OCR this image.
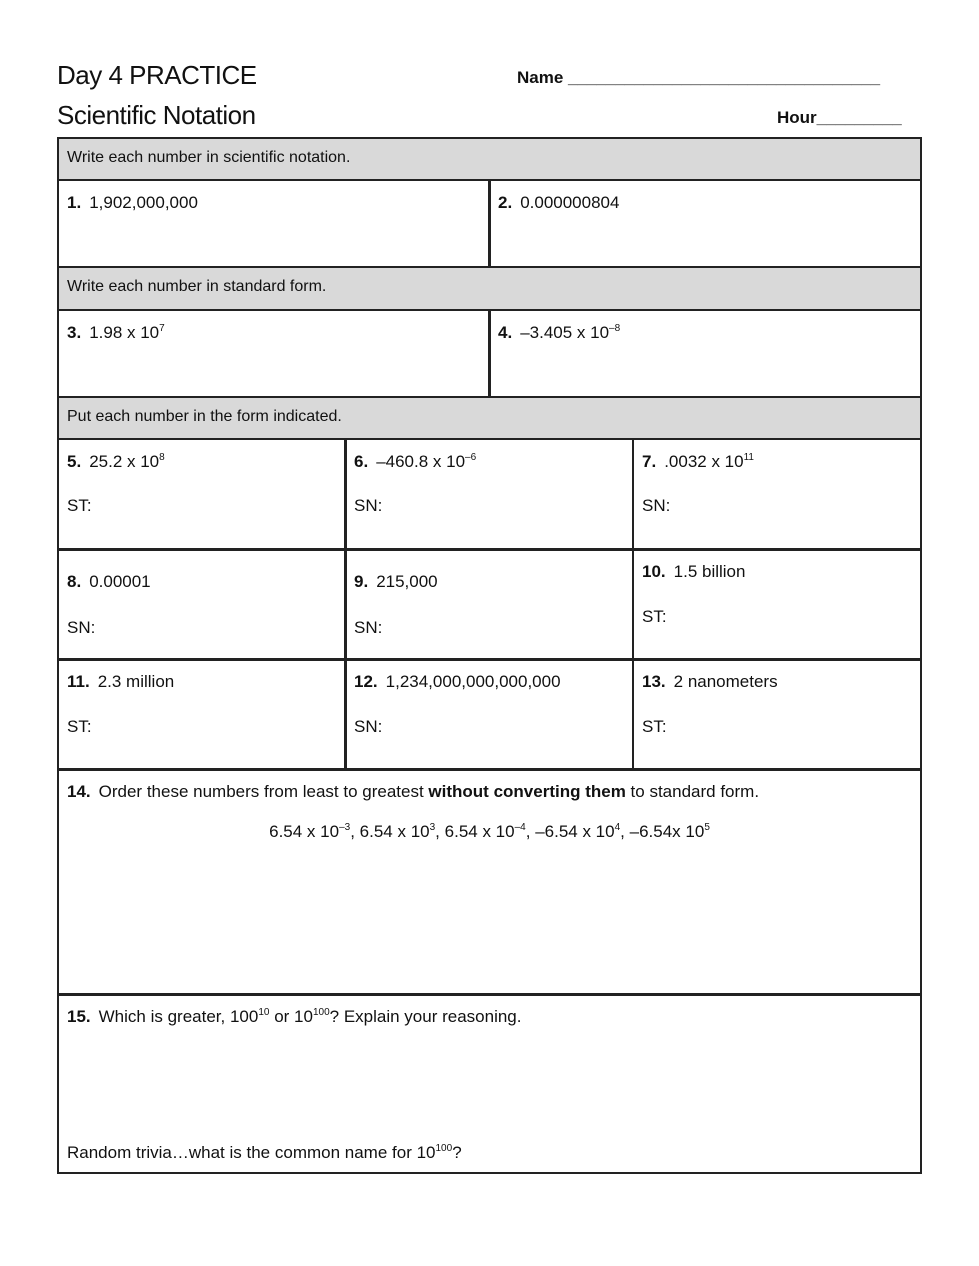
Day 4 PRACTICE
Scientific Notation
Name _________________________________
Hour_________
Write each number in scientific notation.
1. 1,902,000,000	2. 0.000000804
Write each number in standard form.
3. 1.98 x $10^7$	4. –3.405 x $10^{-8}$
Put each number in the form indicated.
5. 25.2 x $10^8$
ST:
6. –460.8 x $10^{-6}$
SN:
7. .0032 x $10^{11}$
SN:
8. 0.00001
SN:
9. 215,000
SN:
10. 1.5 billion
ST:
11. 2.3 million
ST:
12. 1,234,000,000,000,000
SN:
13. 2 nanometers
ST:
14. Order these numbers from least to greatest without converting them to standard form.
6.54 x $10^{-3}$, 6.54 x $10^3$, 6.54 x $10^{-4}$, –6.54 x $10^4$, –6.54x $10^5$
15. Which is greater, $100^{10}$ or $10^{100}$? Explain your reasoning.
Random trivia…what is the common name for $10^{100}$?
